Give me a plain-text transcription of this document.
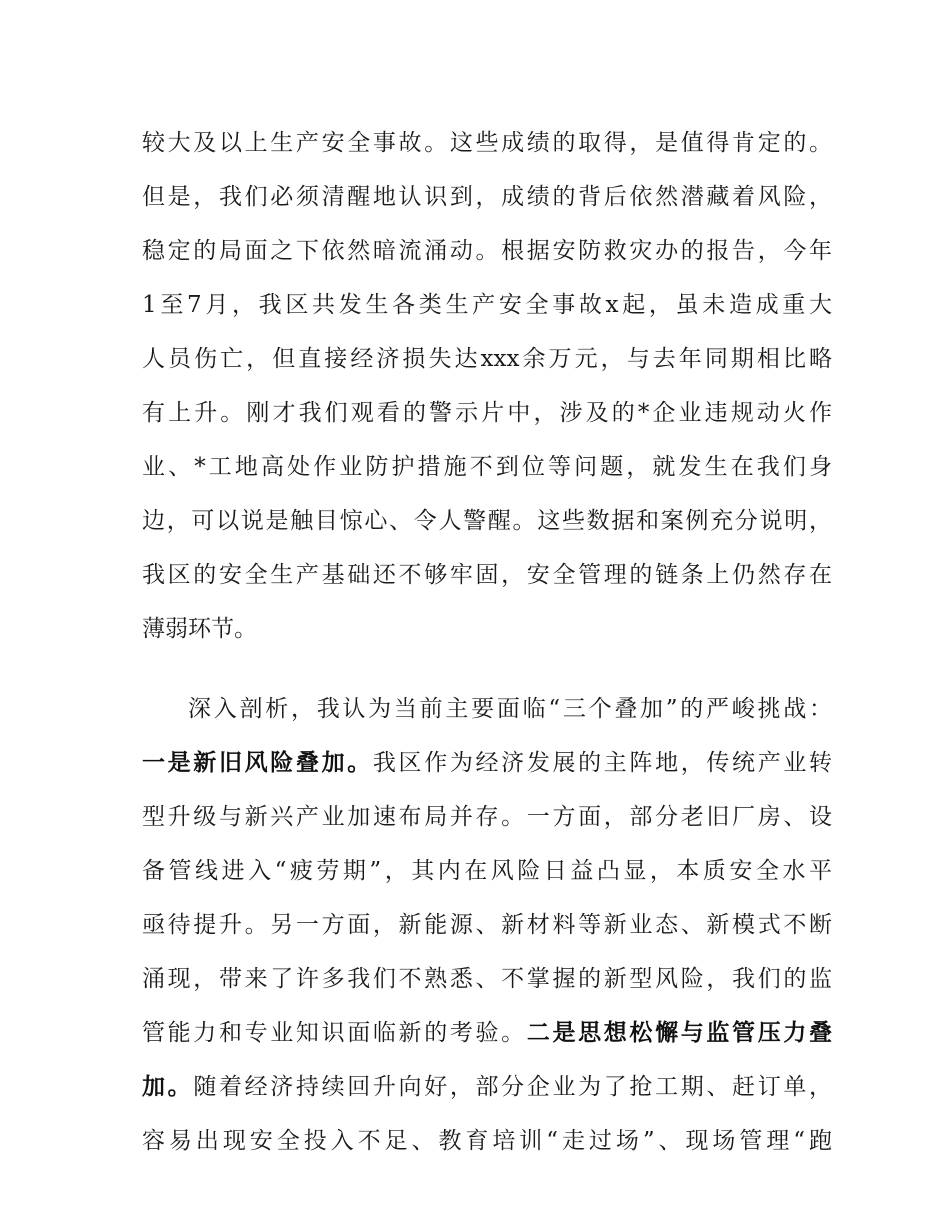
较大及以上生产安全事故。这些成绩的取得，是值得肯定的。
但是，我们必须清醒地认识到，成绩的背后依然潜藏着风险，
稳定的局面之下依然暗流涌动。根据安防救灾办的报告，今年
1至7月，我区共发生各类生产安全事故x起，虽未造成重大
人员伤亡，但直接经济损失达xxx余万元，与去年同期相比略
有上升。刚才我们观看的警示片中，涉及的*企业违规动火作
业、*工地高处作业防护措施不到位等问题，就发生在我们身
边，可以说是触目惊心、令人警醒。这些数据和案例充分说明，
我区的安全生产基础还不够牢固，安全管理的链条上仍然存在
薄弱环节。
深入剖析，我认为当前主要面临“三个叠加”的严峻挑战：
一是新旧风险叠加。我区作为经济发展的主阵地，传统产业转
型升级与新兴产业加速布局并存。一方面，部分老旧厂房、设
备管线进入“疲劳期”，其内在风险日益凸显，本质安全水平
亟待提升。另一方面，新能源、新材料等新业态、新模式不断
涌现，带来了许多我们不熟悉、不掌握的新型风险，我们的监
管能力和专业知识面临新的考验。二是思想松懈与监管压力叠
加。随着经济持续回升向好，部分企业为了抢工期、赶订单，
容易出现安全投入不足、教育培训“走过场”、现场管理“跑
